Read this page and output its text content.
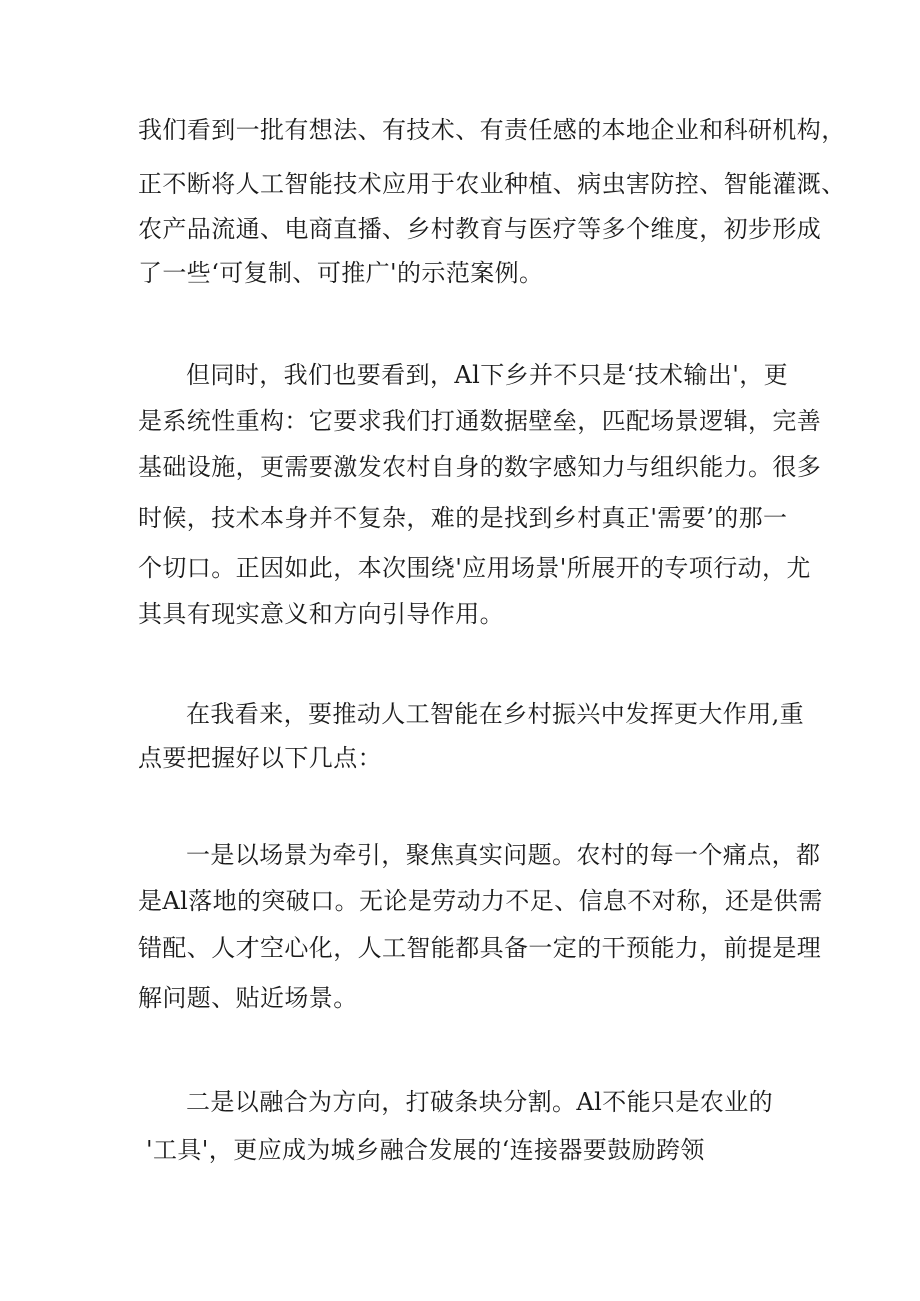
我们看到一批有想法、有技术、有责任感的本地企业和科研机构，
正不断将人工智能技术应用于农业种植、病虫害防控、智能灌溉、
农产品流通、电商直播、乡村教育与医疗等多个维度，初步形成
了一些‘可复制、可推广'的示范案例。
但同时，我们也要看到，Al下乡并不只是‘技术输出'，更
是系统性重构：它要求我们打通数据壁垒，匹配场景逻辑，完善
基础设施，更需要激发农村自身的数字感知力与组织能力。很多
时候，技术本身并不复杂，难的是找到乡村真正'需要’的那一
个切口。正因如此，本次围绕'应用场景'所展开的专项行动，尤
其具有现实意义和方向引导作用。
在我看来，要推动人工智能在乡村振兴中发挥更大作用,重
点要把握好以下几点：
一是以场景为牵引，聚焦真实问题。农村的每一个痛点，都
是Al落地的突破口。无论是劳动力不足、信息不对称，还是供需
错配、人才空心化，人工智能都具备一定的干预能力，前提是理
解问题、贴近场景。
二是以融合为方向，打破条块分割。Al不能只是农业的
'工具'，更应成为城乡融合发展的‘连接器要鼓励跨领
